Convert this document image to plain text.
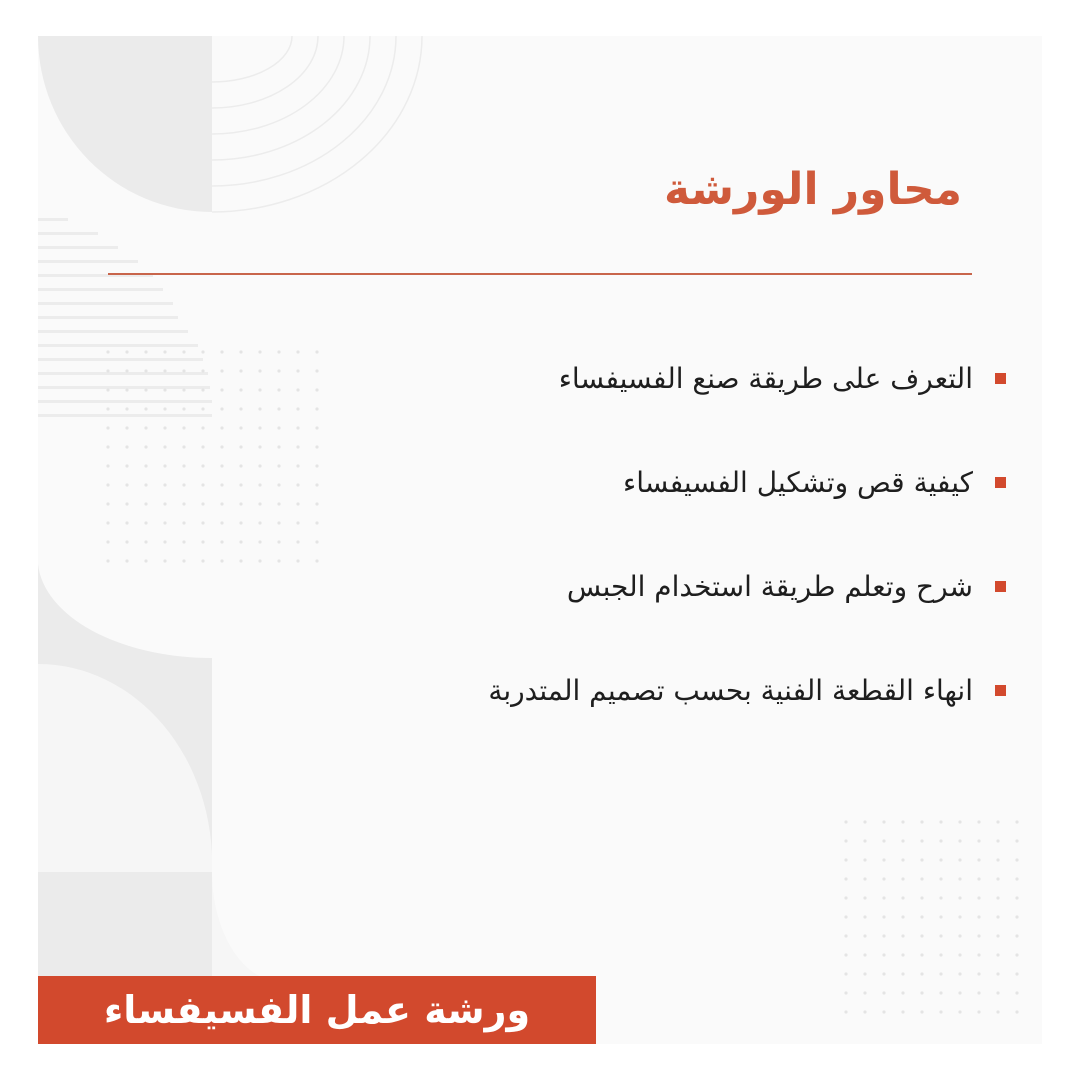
محاور الورشة
التعرف على طريقة صنع الفسيفساء
كيفية قص وتشكيل الفسيفساء
شرح وتعلم طريقة استخدام الجبس
انهاء القطعة الفنية بحسب تصميم المتدربة
ورشة عمل الفسيفساء
